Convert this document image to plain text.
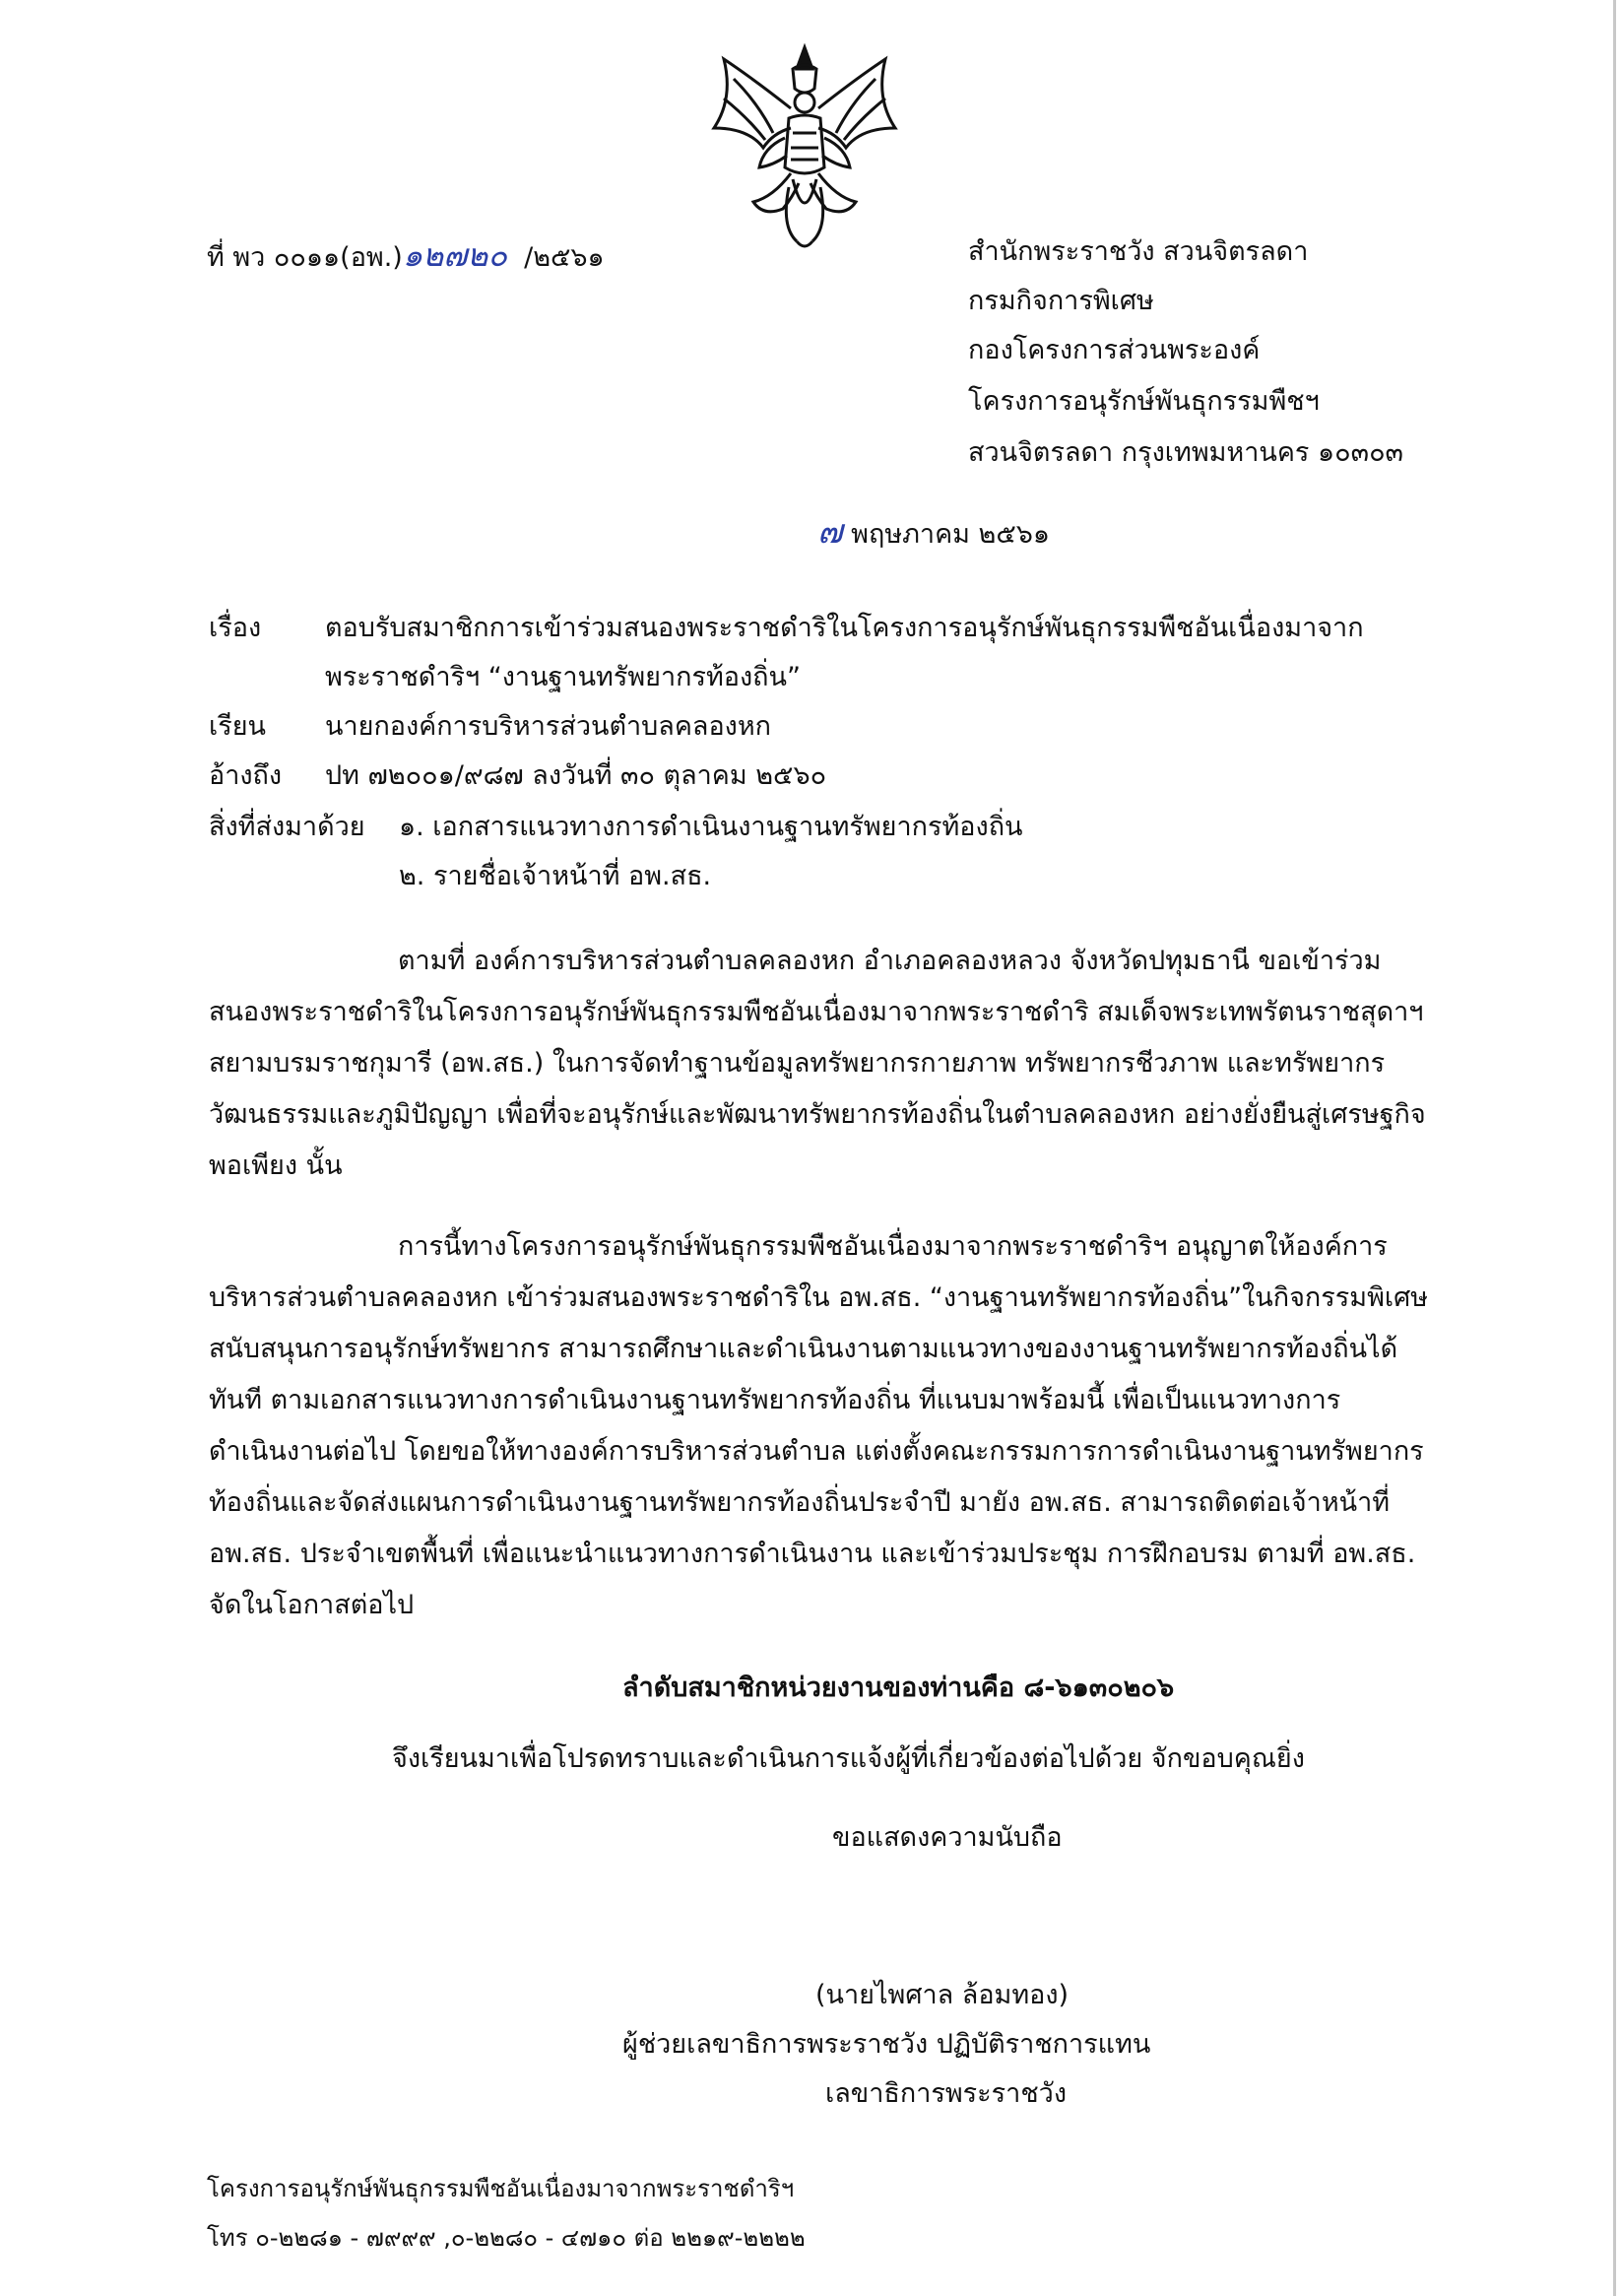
ที่ พว ๐๐๑๑(อพ.)๑๒๗๒๐ /๒๕๖๑	สำนักพระราชวัง สวนจิตรลดา
กรมกิจการพิเศษ
กองโครงการส่วนพระองค์
โครงการอนุรักษ์พันธุกรรมพืชฯ
สวนจิตรลดา กรุงเทพมหานคร ๑๐๓๐๓
๗ พฤษภาคม ๒๕๖๑
เรื่อง ตอบรับสมาชิกการเข้าร่วมสนองพระราชดำริในโครงการอนุรักษ์พันธุกรรมพืชอันเนื่องมาจาก
พระราชดำริฯ “งานฐานทรัพยากรท้องถิ่น”
เรียน นายกองค์การบริหารส่วนตำบลคลองหก
อ้างถึง ปท ๗๒๐๐๑/๙๘๗ ลงวันที่ ๓๐ ตุลาคม ๒๕๖๐
สิ่งที่ส่งมาด้วย ๑. เอกสารแนวทางการดำเนินงานฐานทรัพยากรท้องถิ่น
๒. รายชื่อเจ้าหน้าที่ อพ.สธ.
ตามที่ องค์การบริหารส่วนตำบลคลองหก อำเภอคลองหลวง จังหวัดปทุมธานี ขอเข้าร่วม
สนองพระราชดำริในโครงการอนุรักษ์พันธุกรรมพืชอันเนื่องมาจากพระราชดำริ สมเด็จพระเทพรัตนราชสุดาฯ
สยามบรมราชกุมารี (อพ.สธ.) ในการจัดทำฐานข้อมูลทรัพยากรกายภาพ ทรัพยากรชีวภาพ และทรัพยากร
วัฒนธรรมและภูมิปัญญา เพื่อที่จะอนุรักษ์และพัฒนาทรัพยากรท้องถิ่นในตำบลคลองหก อย่างยั่งยืนสู่เศรษฐกิจ
พอเพียง นั้น
การนี้ทางโครงการอนุรักษ์พันธุกรรมพืชอันเนื่องมาจากพระราชดำริฯ อนุญาตให้องค์การ
บริหารส่วนตำบลคลองหก เข้าร่วมสนองพระราชดำริใน อพ.สธ. “งานฐานทรัพยากรท้องถิ่น”ในกิจกรรมพิเศษ
สนับสนุนการอนุรักษ์ทรัพยากร สามารถศึกษาและดำเนินงานตามแนวทางของงานฐานทรัพยากรท้องถิ่นได้
ทันที ตามเอกสารแนวทางการดำเนินงานฐานทรัพยากรท้องถิ่น ที่แนบมาพร้อมนี้ เพื่อเป็นแนวทางการ
ดำเนินงานต่อไป โดยขอให้ทางองค์การบริหารส่วนตำบล แต่งตั้งคณะกรรมการการดำเนินงานฐานทรัพยากร
ท้องถิ่นและจัดส่งแผนการดำเนินงานฐานทรัพยากรท้องถิ่นประจำปี มายัง อพ.สธ. สามารถติดต่อเจ้าหน้าที่
อพ.สธ. ประจำเขตพื้นที่ เพื่อแนะนำแนวทางการดำเนินงาน และเข้าร่วมประชุม การฝึกอบรม ตามที่ อพ.สธ.
จัดในโอกาสต่อไป
ลำดับสมาชิกหน่วยงานของท่านคือ ๘-๖๑๓๐๒๐๖
จึงเรียนมาเพื่อโปรดทราบและดำเนินการแจ้งผู้ที่เกี่ยวข้องต่อไปด้วย จักขอบคุณยิ่ง
ขอแสดงความนับถือ
(นายไพศาล ล้อมทอง)
ผู้ช่วยเลขาธิการพระราชวัง ปฏิบัติราชการแทน
เลขาธิการพระราชวัง
โครงการอนุรักษ์พันธุกรรมพืชอันเนื่องมาจากพระราชดำริฯ
โทร ๐-๒๒๘๑ - ๗๙๙๙ ,๐-๒๒๘๐ - ๔๗๑๐ ต่อ ๒๒๑๙-๒๒๒๒
